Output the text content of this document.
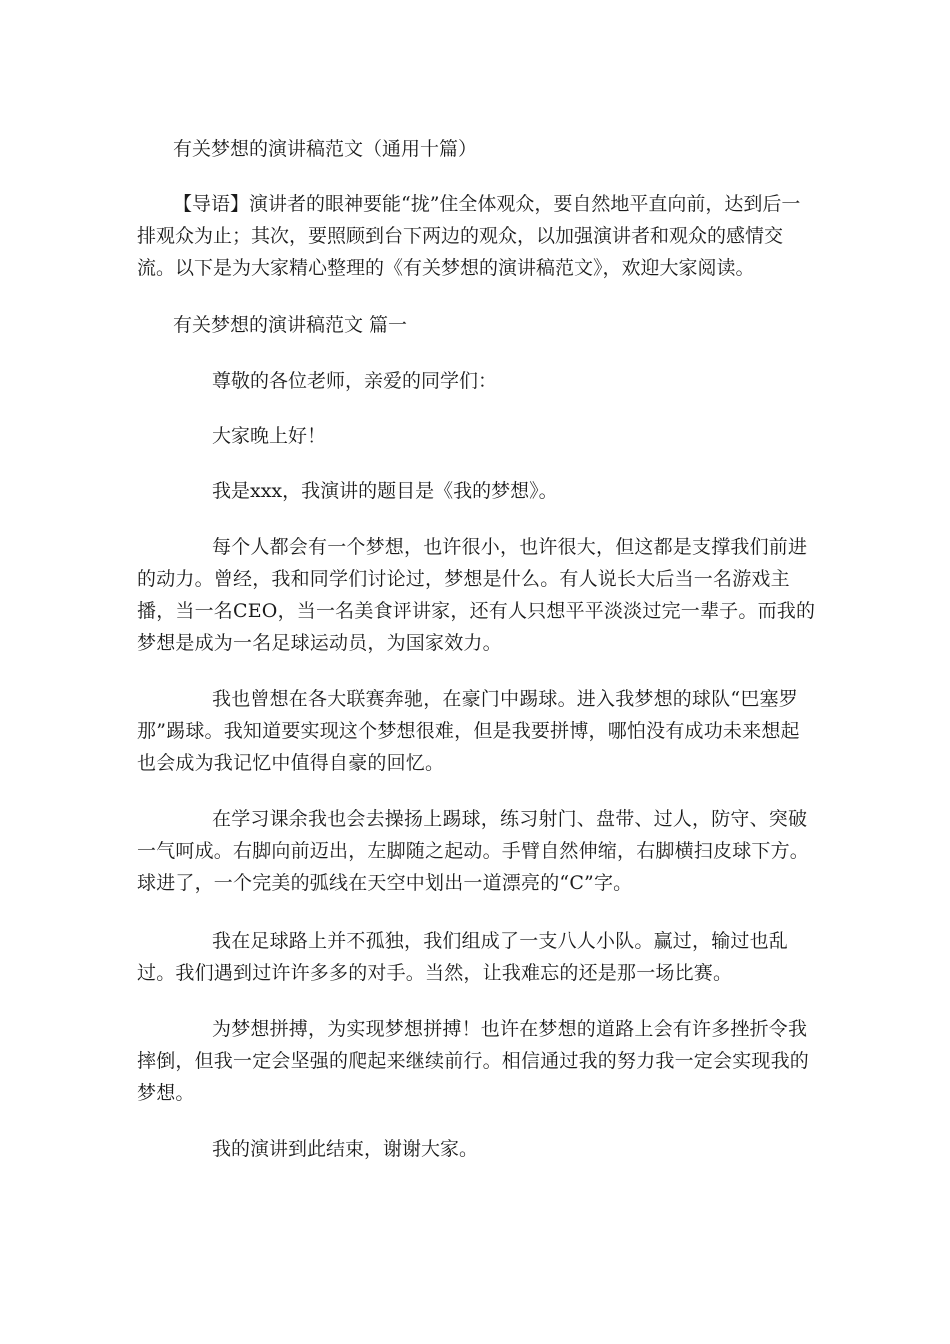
有关梦想的演讲稿范文（通用十篇）
【导语】演讲者的眼神要能“拢”住全体观众，要自然地平直向前，达到后一排观众为止；其次，要照顾到台下两边的观众，以加强演讲者和观众的感情交流。以下是为大家精心整理的《有关梦想的演讲稿范文》，欢迎大家阅读。
有关梦想的演讲稿范文 篇一
尊敬的各位老师，亲爱的同学们：
大家晚上好！
我是xxx，我演讲的题目是《我的梦想》。
每个人都会有一个梦想，也许很小，也许很大，但这都是支撑我们前进的动力。曾经，我和同学们讨论过，梦想是什么。有人说长大后当一名游戏主播，当一名CEO，当一名美食评讲家，还有人只想平平淡淡过完一辈子。而我的梦想是成为一名足球运动员，为国家效力。
我也曾想在各大联赛奔驰，在豪门中踢球。进入我梦想的球队“巴塞罗那”踢球。我知道要实现这个梦想很难，但是我要拼博，哪怕没有成功未来想起也会成为我记忆中值得自豪的回忆。
在学习课余我也会去操扬上踢球，练习射门、盘带、过人，防守、突破一气呵成。右脚向前迈出，左脚随之起动。手臂自然伸缩，右脚横扫皮球下方。球进了，一个完美的弧线在天空中划出一道漂亮的“C”字。
我在足球路上并不孤独，我们组成了一支八人小队。赢过，输过也乱过。我们遇到过许许多多的对手。当然，让我难忘的还是那一场比赛。
为梦想拼搏，为实现梦想拼搏！也许在梦想的道路上会有许多挫折令我摔倒，但我一定会坚强的爬起来继续前行。相信通过我的努力我一定会实现我的梦想。
我的演讲到此结束，谢谢大家。
